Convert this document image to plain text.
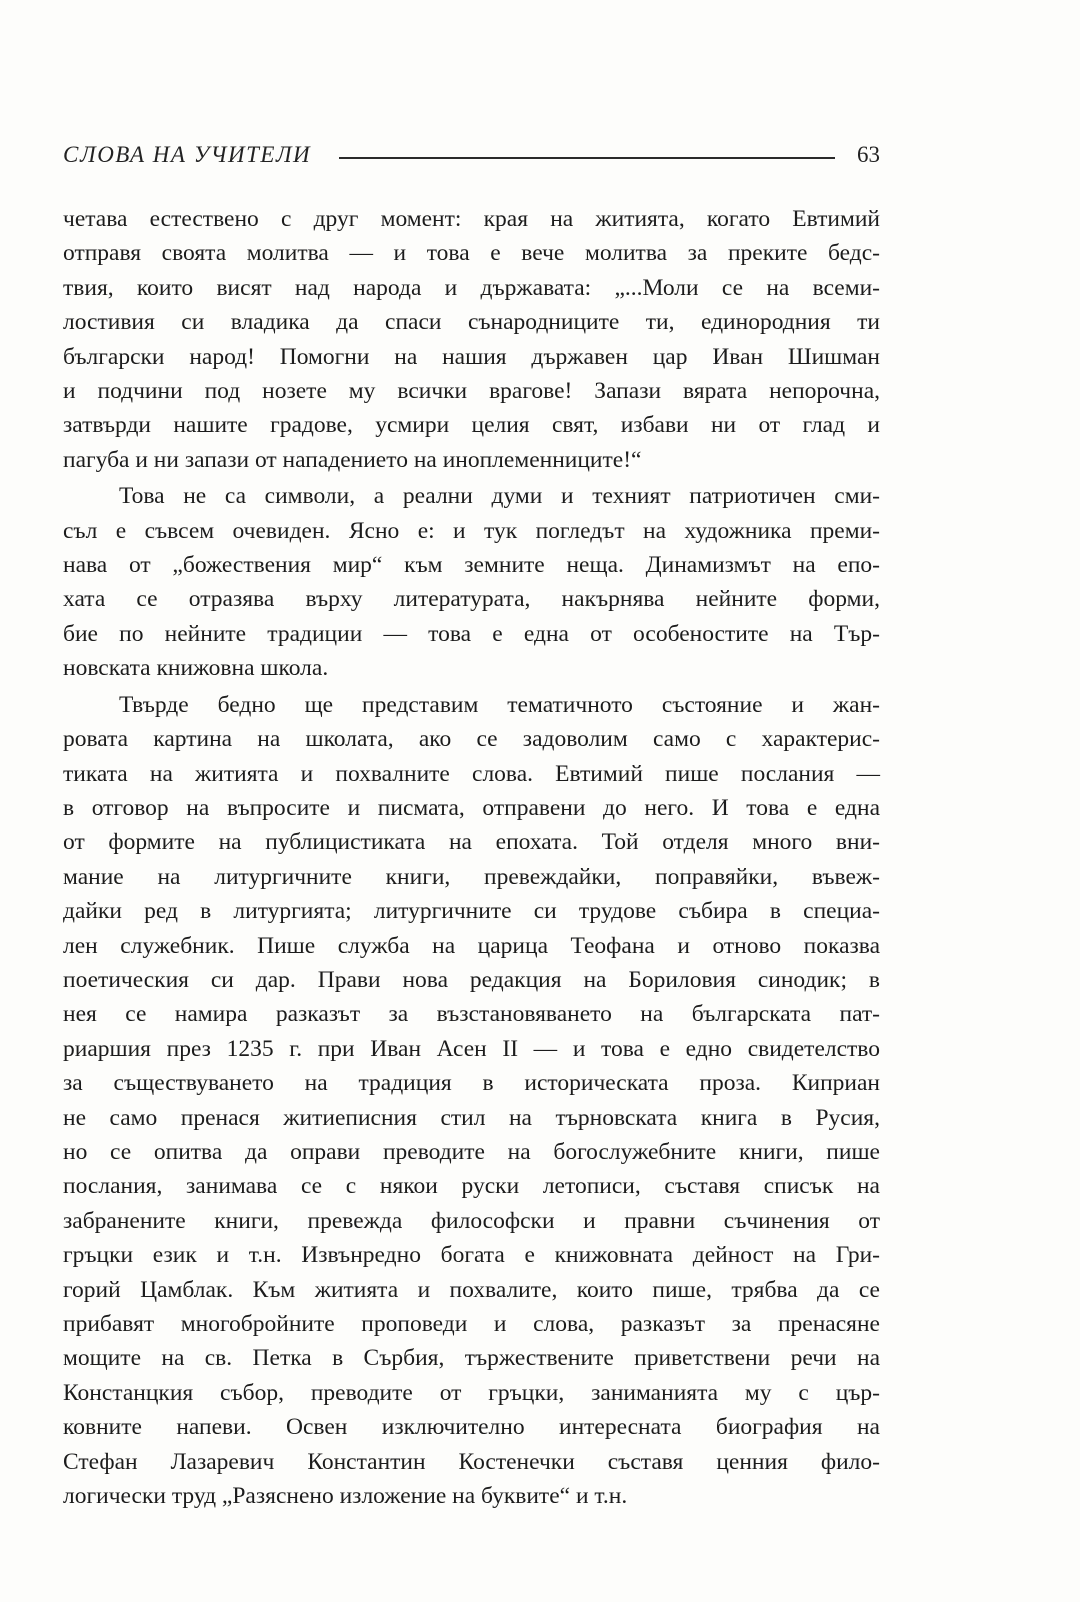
СЛОВА НА УЧИТЕЛИ	63
четава естествено с друг момент: края на житията, когато Евтимий
отправя своята молитва — и това е вече молитва за преките бедс-
твия, които висят над народа и държавата: „...Моли се на всеми-
лостивия си владика да спаси сънародниците ти, единородния ти
български народ! Помогни на нашия държавен цар Иван Шишман
и подчини под нозете му всички врагове! Запази вярата непорочна,
затвърди нашите градове, усмири целия свят, избави ни от глад и
пагуба и ни запази от нападението на иноплеменниците!“
Това не са символи, а реални думи и техният патриотичен сми-
съл е съвсем очевиден. Ясно е: и тук погледът на художника преми-
нава от „божествения мир“ към земните неща. Динамизмът на епо-
хата се отразява върху литературата, накърнява нейните форми,
бие по нейните традиции — това е една от особеностите на Тър-
новската книжовна школа.
Твърде бедно ще представим тематичното състояние и жан-
ровата картина на школата, ако се задоволим само с характерис-
тиката на житията и похвалните слова. Евтимий пише послания —
в отговор на въпросите и писмата, отправени до него. И това е една
от формите на публицистиката на епохата. Той отделя много вни-
мание на литургичните книги, превеждайки, поправяйки, въвеж-
дайки ред в литургията; литургичните си трудове събира в специа-
лен служебник. Пише служба на царица Теофана и отново показва
поетическия си дар. Прави нова редакция на Бориловия синодик; в
нея се намира разказът за възстановяването на българската пат-
риаршия през 1235 г. при Иван Асен II — и това е едно свидетелство
за съществуването на традиция в историческата проза. Киприан
не само пренася житиеписния стил на търновската книга в Русия,
но се опитва да оправи преводите на богослужебните книги, пише
послания, занимава се с някои руски летописи, съставя списък на
забранените книги, превежда философски и правни съчинения от
гръцки език и т.н. Извънредно богата е книжовната дейност на Гри-
горий Цамблак. Към житията и похвалите, които пише, трябва да се
прибавят многобройните проповеди и слова, разказът за пренасяне
мощите на св. Петка в Сърбия, тържествените приветствени речи на
Констанцкия събор, преводите от гръцки, заниманията му с цър-
ковните напеви. Освен изключително интересната биография на
Стефан Лазаревич Константин Костенечки съставя ценния фило-
логически труд „Разяснено изложение на буквите“ и т.н.
